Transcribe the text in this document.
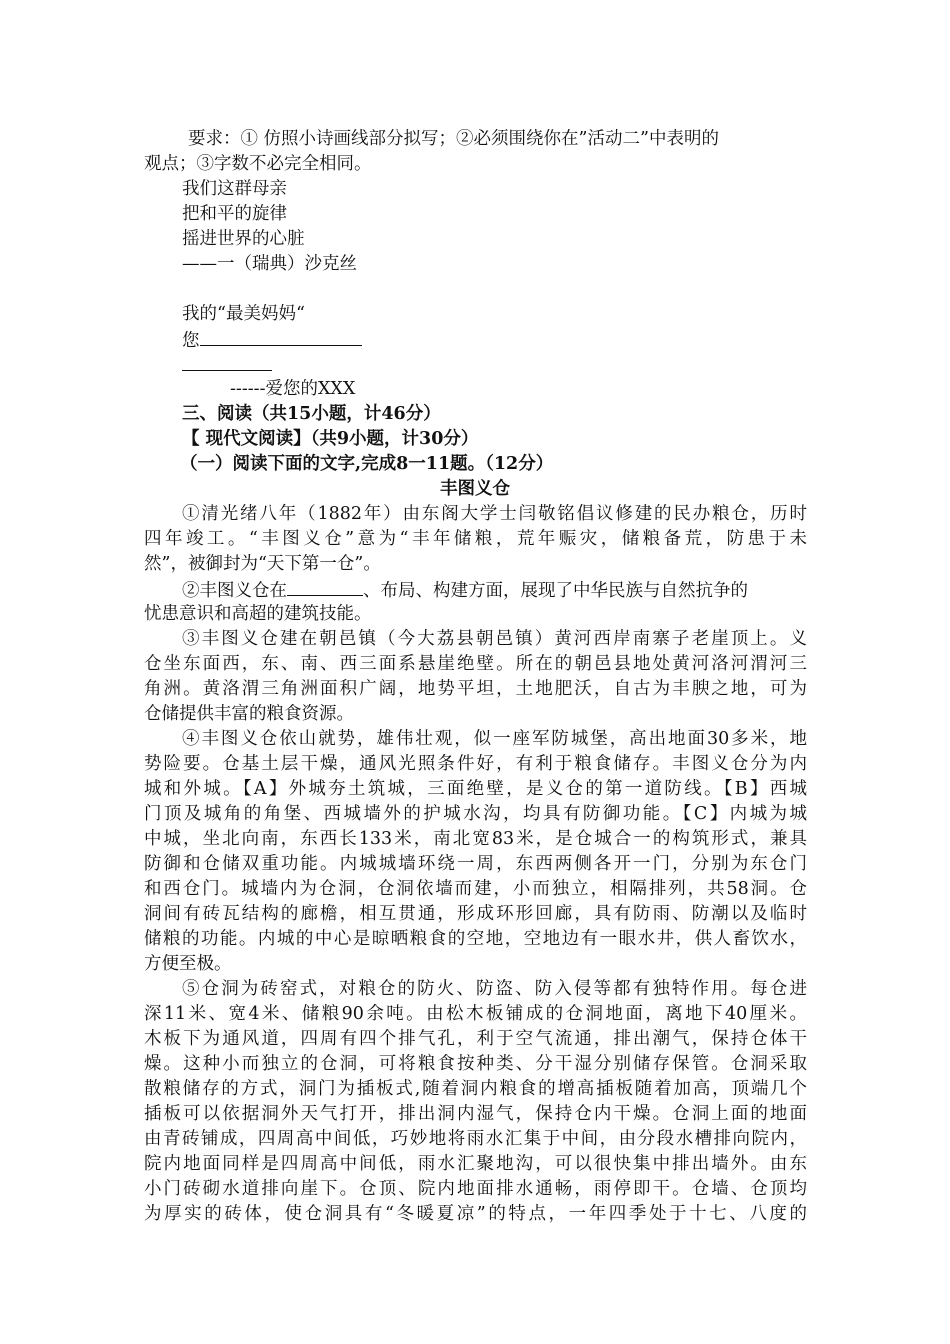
要求：① 仿照小诗画线部分拟写；②必须围绕你在”活动二”中表明的
观点；③字数不必完全相同。
我们这群母亲
把和平的旋律
摇进世界的心脏
——一（瑞典）沙克丝
我的“最美妈妈“
您
------爱您的XXX
三、阅读（共15小题，计46分）
【 现代文阅读】（共9小题，计30分）
（一）阅读下面的文字,完成8一11题。（12分）
丰图义仓
①清光绪八年（1882年）由东阁大学士闫敬铭倡议修建的民办粮仓，历时
四年竣工。“丰图义仓”意为“丰年储粮，荒年赈灾，储粮备荒，防患于未
然”，被御封为“天下第一仓”。
②丰图义仓在	、布局、构建方面，展现了中华民族与自然抗争的
忧患意识和高超的建筑技能。
③丰图义仓建在朝邑镇（今大荔县朝邑镇）黄河西岸南寨子老崖顶上。义
仓坐东面西，东、南、西三面系悬崖绝壁。所在的朝邑县地处黄河洛河渭河三
角洲。黄洛渭三角洲面积广阔，地势平坦，土地肥沃，自古为丰腴之地，可为
仓储提供丰富的粮食资源。
④丰图义仓依山就势，雄伟壮观，似一座军防城堡，高出地面30多米，地
势险要。仓基土层干燥，通风光照条件好，有利于粮食储存。丰图义仓分为内
城和外城。【A】外城夯土筑城，三面绝壁，是义仓的第一道防线。【B】西城
门顶及城角的角堡、西城墙外的护城水沟，均具有防御功能。【C】内城为城
中城，坐北向南，东西长133米，南北宽83米，是仓城合一的构筑形式，兼具
防御和仓储双重功能。内城城墙环绕一周，东西两侧各开一门，分别为东仓门
和西仓门。城墙内为仓洞，仓洞依墙而建，小而独立，相隔排列，共58洞。仓
洞间有砖瓦结构的廊檐，相互贯通，形成环形回廊，具有防雨、防潮以及临时
储粮的功能。内城的中心是晾晒粮食的空地，空地边有一眼水井，供人畜饮水，
方便至极。
⑤仓洞为砖窑式，对粮仓的防火、防盗、防入侵等都有独特作用。每仓进
深11米、宽4米、储粮90余吨。由松木板铺成的仓洞地面，离地下40厘米。
木板下为通风道，四周有四个排气孔，利于空气流通，排出潮气，保持仓体干
燥。这种小而独立的仓洞，可将粮食按种类、分干湿分别储存保管。仓洞采取
散粮储存的方式，洞门为插板式,随着洞内粮食的增高插板随着加高，顶端几个
插板可以依据洞外天气打开，排出洞内湿气，保持仓内干燥。仓洞上面的地面
由青砖铺成，四周高中间低，巧妙地将雨水汇集于中间，由分段水槽排向院内，
院内地面同样是四周高中间低，雨水汇聚地沟，可以很快集中排出墙外。由东
小门砖砌水道排向崖下。仓顶、院内地面排水通畅，雨停即干。仓墙、仓顶均
为厚实的砖体，使仓洞具有“冬暖夏凉”的特点，一年四季处于十七、八度的
